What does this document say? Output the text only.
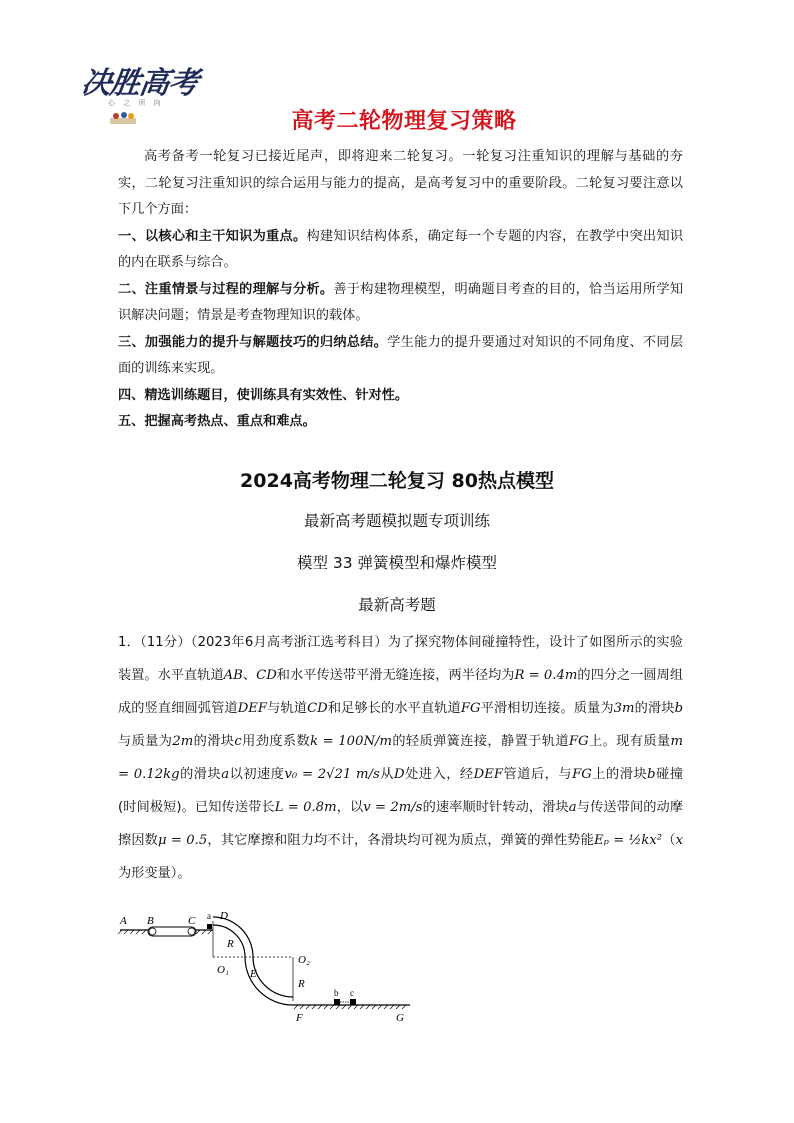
决胜高考
心 之 所 向
高考二轮物理复习策略

高考备考一轮复习已接近尾声，即将迎来二轮复习。一轮复习注重知识的理解与基础的夯实，二轮复习注重知识的综合运用与能力的提高，是高考复习中的重要阶段。二轮复习要注意以下几个方面：

一、以核心和主干知识为重点。构建知识结构体系，确定每一个专题的内容，在教学中突出知识的内在联系与综合。

二、注重情景与过程的理解与分析。善于构建物理模型，明确题目考查的目的，恰当运用所学知识解决问题；情景是考查物理知识的载体。

三、加强能力的提升与解题技巧的归纳总结。学生能力的提升要通过对知识的不同角度、不同层面的训练来实现。

四、精选训练题目，使训练具有实效性、针对性。

五、把握高考热点、重点和难点。

2024高考物理二轮复习 80热点模型
最新高考题模拟题专项训练
模型 33 弹簧模型和爆炸模型
最新高考题

1．（11分）（2023年6月高考浙江选考科目）为了探究物体间碰撞特性，设计了如图所示的实验装置。水平直轨道AB、CD和水平传送带平滑无缝连接，两半径均为R = 0.4m的四分之一圆周组成的竖直细圆弧管道DEF与轨道CD和足够长的水平直轨道FG平滑相切连接。质量为3m的滑块b与质量为2m的滑块c用劲度系数k = 100N/m的轻质弹簧连接，静置于轨道FG上。现有质量m = 0.12kg的滑块a以初速度v₀ = 2√21 m/s从D处进入，经DEF管道后，与FG上的滑块b碰撞(时间极短)。已知传送带长L = 0.8m，以v = 2m/s的速率顺时针转动，滑块a与传送带间的动摩擦因数μ = 0.5，其它摩擦和阻力均不计，各滑块均可视为质点，弹簧的弹性势能Eₚ = ½kx²（x为形变量）。

A B	C a D
R
O₁ E
O₂
R
b c
F	G
